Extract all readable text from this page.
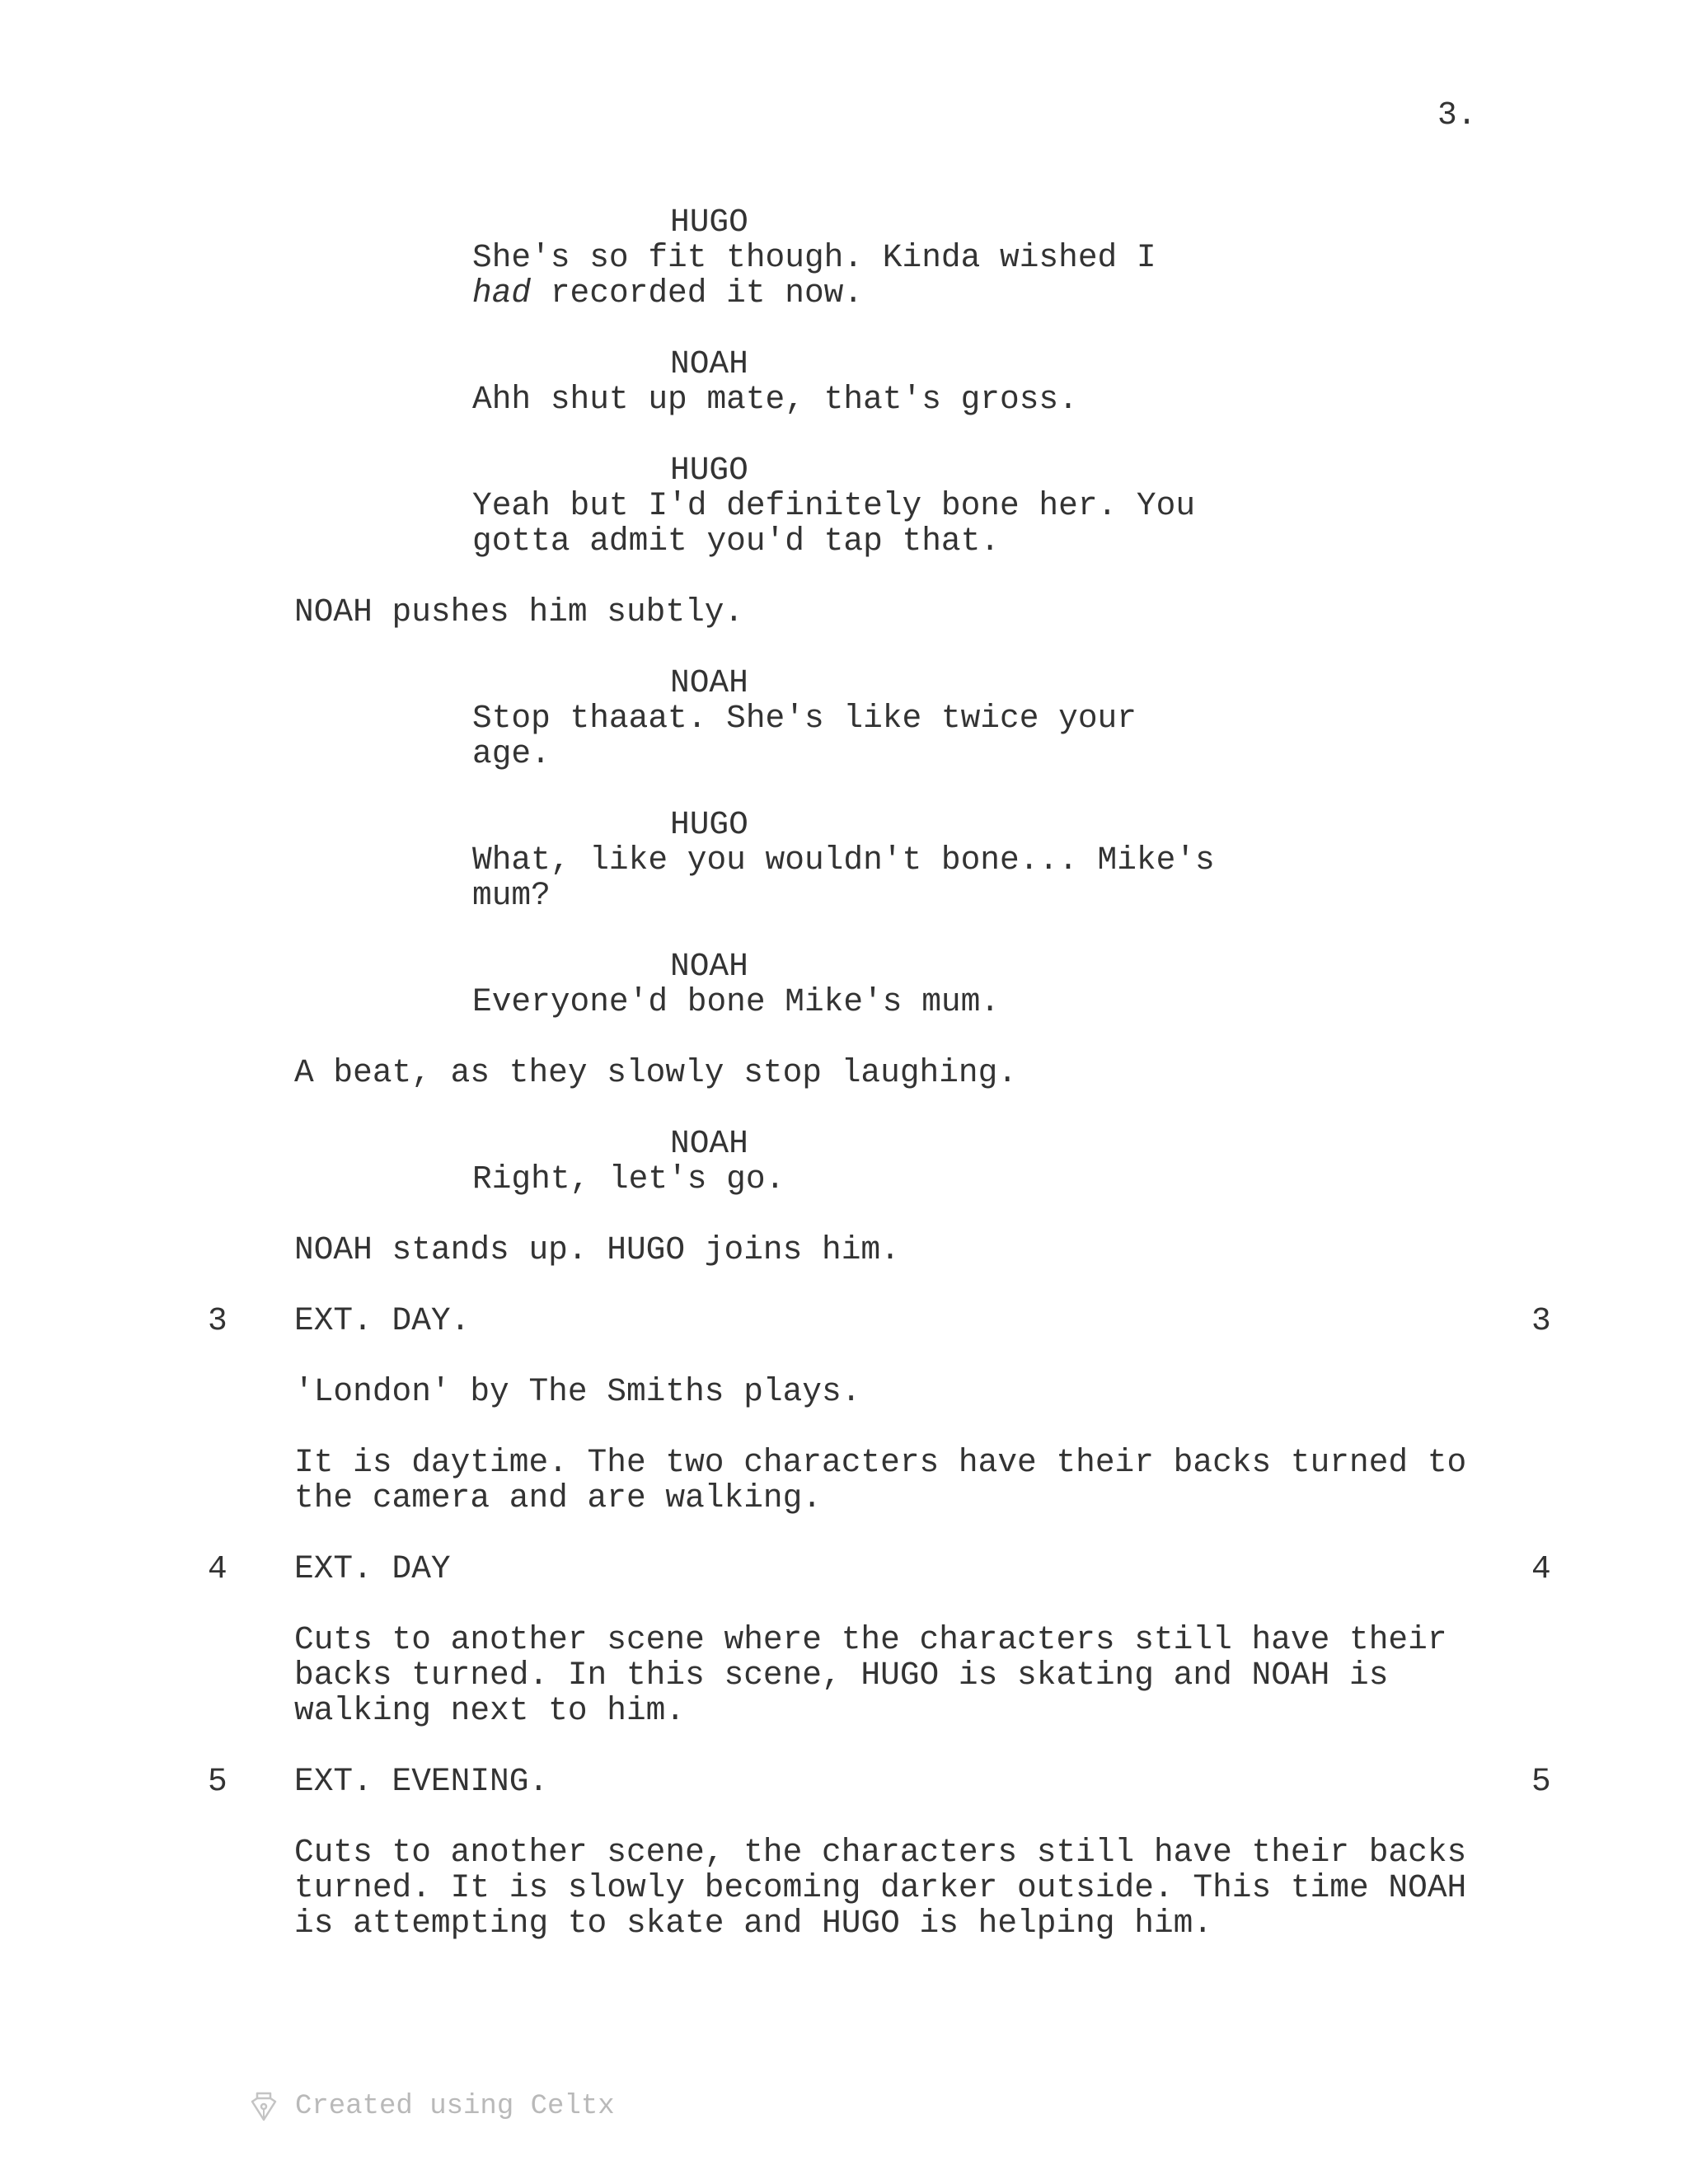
3.
HUGO
She's so fit though. Kinda wished I
had recorded it now.
NOAH
Ahh shut up mate, that's gross.
HUGO
Yeah but I'd definitely bone her. You
gotta admit you'd tap that.
NOAH pushes him subtly.
NOAH
Stop thaaat. She's like twice your
age.
HUGO
What, like you wouldn't bone... Mike's
mum?
NOAH
Everyone'd bone Mike's mum.
A beat, as they slowly stop laughing.
NOAH
Right, let's go.
NOAH stands up. HUGO joins him.
3 EXT. DAY.	3
'London' by The Smiths plays.
It is daytime. The two characters have their backs turned to
the camera and are walking.
4 EXT. DAY	4
Cuts to another scene where the characters still have their
backs turned. In this scene, HUGO is skating and NOAH is
walking next to him.
5 EXT. EVENING.	5
Cuts to another scene, the characters still have their backs
turned. It is slowly becoming darker outside. This time NOAH
is attempting to skate and HUGO is helping him.
Created using Celtx
